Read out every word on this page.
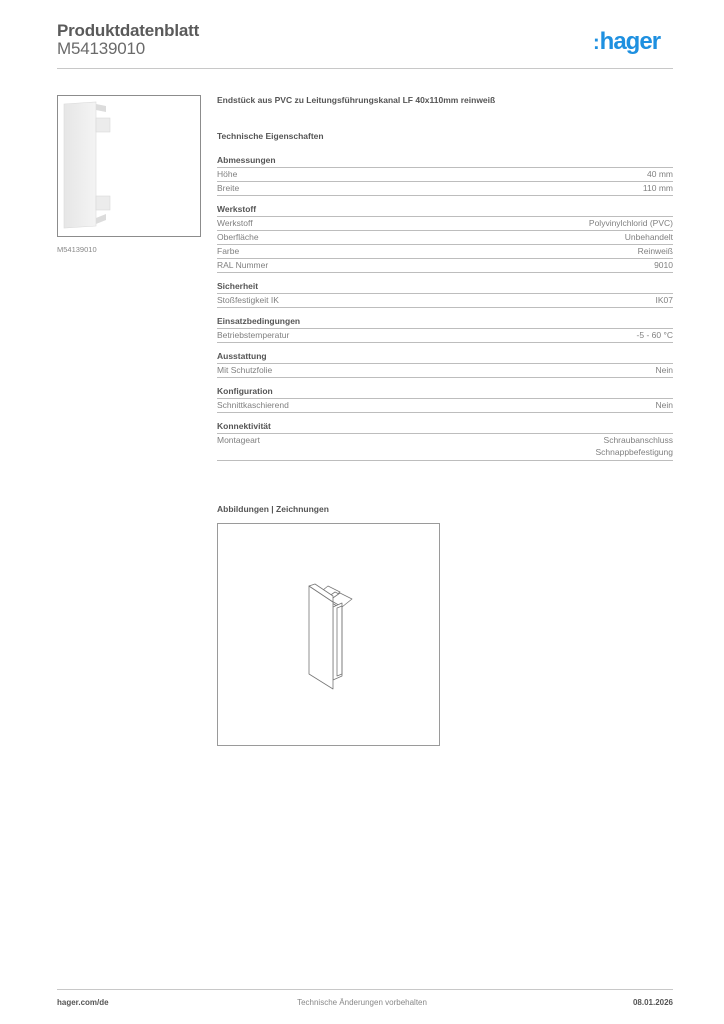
Produktdatenblatt
M54139010	:hager
M54139010
Endstück aus PVC zu Leitungsführungskanal LF 40x110mm reinweiß
Technische Eigenschaften
Abmessungen
Höhe	40 mm
Breite	110 mm
Werkstoff
Werkstoff	Polyvinylchlorid (PVC)
Oberfläche	Unbehandelt
Farbe	Reinweiß
RAL Nummer	9010
Sicherheit
Stoßfestigkeit IK	IK07
Einsatzbedingungen
Betriebstemperatur	-5 - 60 °C
Ausstattung
Mit Schutzfolie	Nein
Konfiguration
Schnittkaschierend	Nein
Konnektivität
Montageart	Schraubanschluss
Schnappbefestigung
Abbildungen | Zeichnungen
hager.com/de	Technische Änderungen vorbehalten	08.01.2026
